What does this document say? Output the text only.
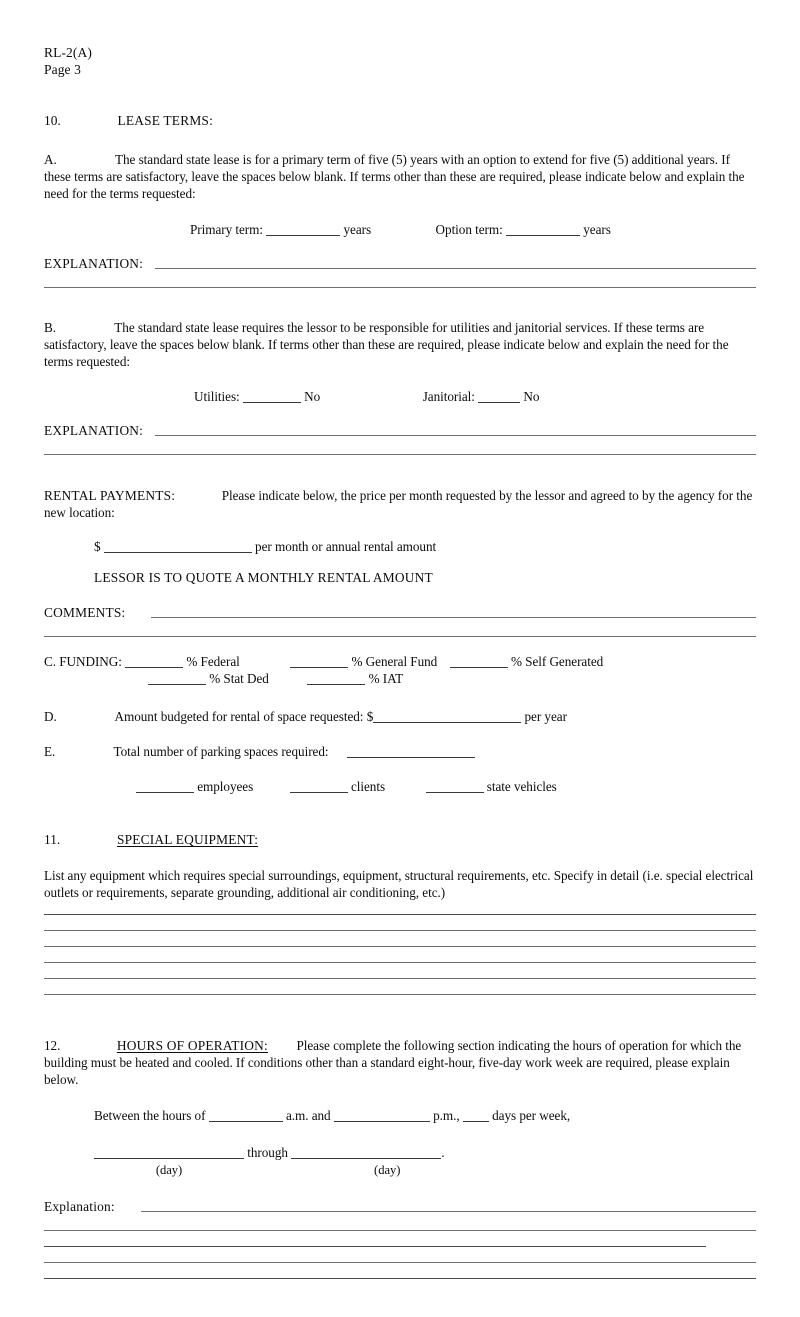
RL-2(A)
Page 3
10.	LEASE TERMS:
A.	The standard state lease is for a primary term of five (5) years with an option to extend for five (5) additional years. If these terms are satisfactory, leave the spaces below blank. If terms other than these are required, please indicate below and explain the need for the terms requested:
Primary term:	years	Option term:	years
EXPLANATION:
B.	The standard state lease requires the lessor to be responsible for utilities and janitorial services. If these terms are satisfactory, leave the spaces below blank. If terms other than these are required, please indicate below and explain the need for the terms requested:
Utilities:	No	Janitorial:	No
EXPLANATION:
RENTAL PAYMENTS:	Please indicate below, the price per month requested by the lessor and agreed to by the agency for the new location:
$	per month or annual rental amount
LESSOR IS TO QUOTE A MONTHLY RENTAL AMOUNT
COMMENTS:
C. FUNDING:	% Federal	% General Fund	% Self Generated
% Stat Ded	% IAT
D.	Amount budgeted for rental of space requested: $	per year
E.	Total number of parking spaces required:
employees	clients	state vehicles
11.	SPECIAL EQUIPMENT:
List any equipment which requires special surroundings, equipment, structural requirements, etc. Specify in detail (i.e. special electrical outlets or requirements, separate grounding, additional air conditioning, etc.)
12.	HOURS OF OPERATION: Please complete the following section indicating the hours of operation for which the building must be heated and cooled. If conditions other than a standard eight-hour, five-day work week are required, please explain below.
Between the hours of	a.m. and	p.m., days per week,
through	.
(day)	(day)
Explanation:
